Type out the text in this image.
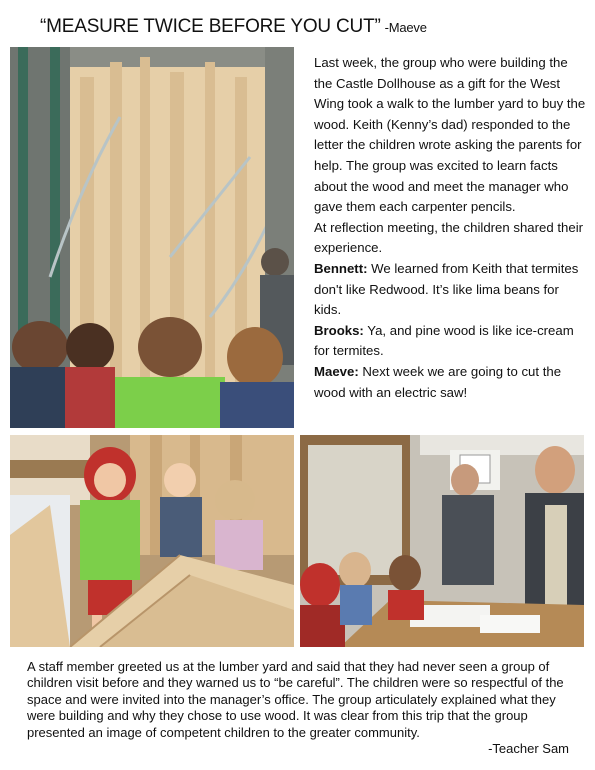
“MEASURE TWICE BEFORE YOU CUT” -Maeve

Last week, the group who were building the the Castle Dollhouse as a gift for the West Wing took a walk to the lumber yard to buy the wood. Keith (Kenny’s dad) responded to the letter the children wrote asking the parents for help. The group was excited to learn facts about the wood and meet the manager who gave them each carpenter pencils.

At reflection meeting, the children shared their experience.

Bennett: We learned from Keith that termites don't like Redwood. It’s like lima beans for kids.

Brooks: Ya, and pine wood is like ice-cream for termites.

Maeve: Next week we are going to cut the wood with an electric saw!

A staff member greeted us at the lumber yard and said that they had never seen a group of children visit before and they warned us to “be careful”. The children were so respectful of the space and were invited into the manager’s office. The group articulately explained what they were building and why they chose to use wood. It was clear from this trip that the group presented an image of competent children to the greater community.
-Teacher Sam
